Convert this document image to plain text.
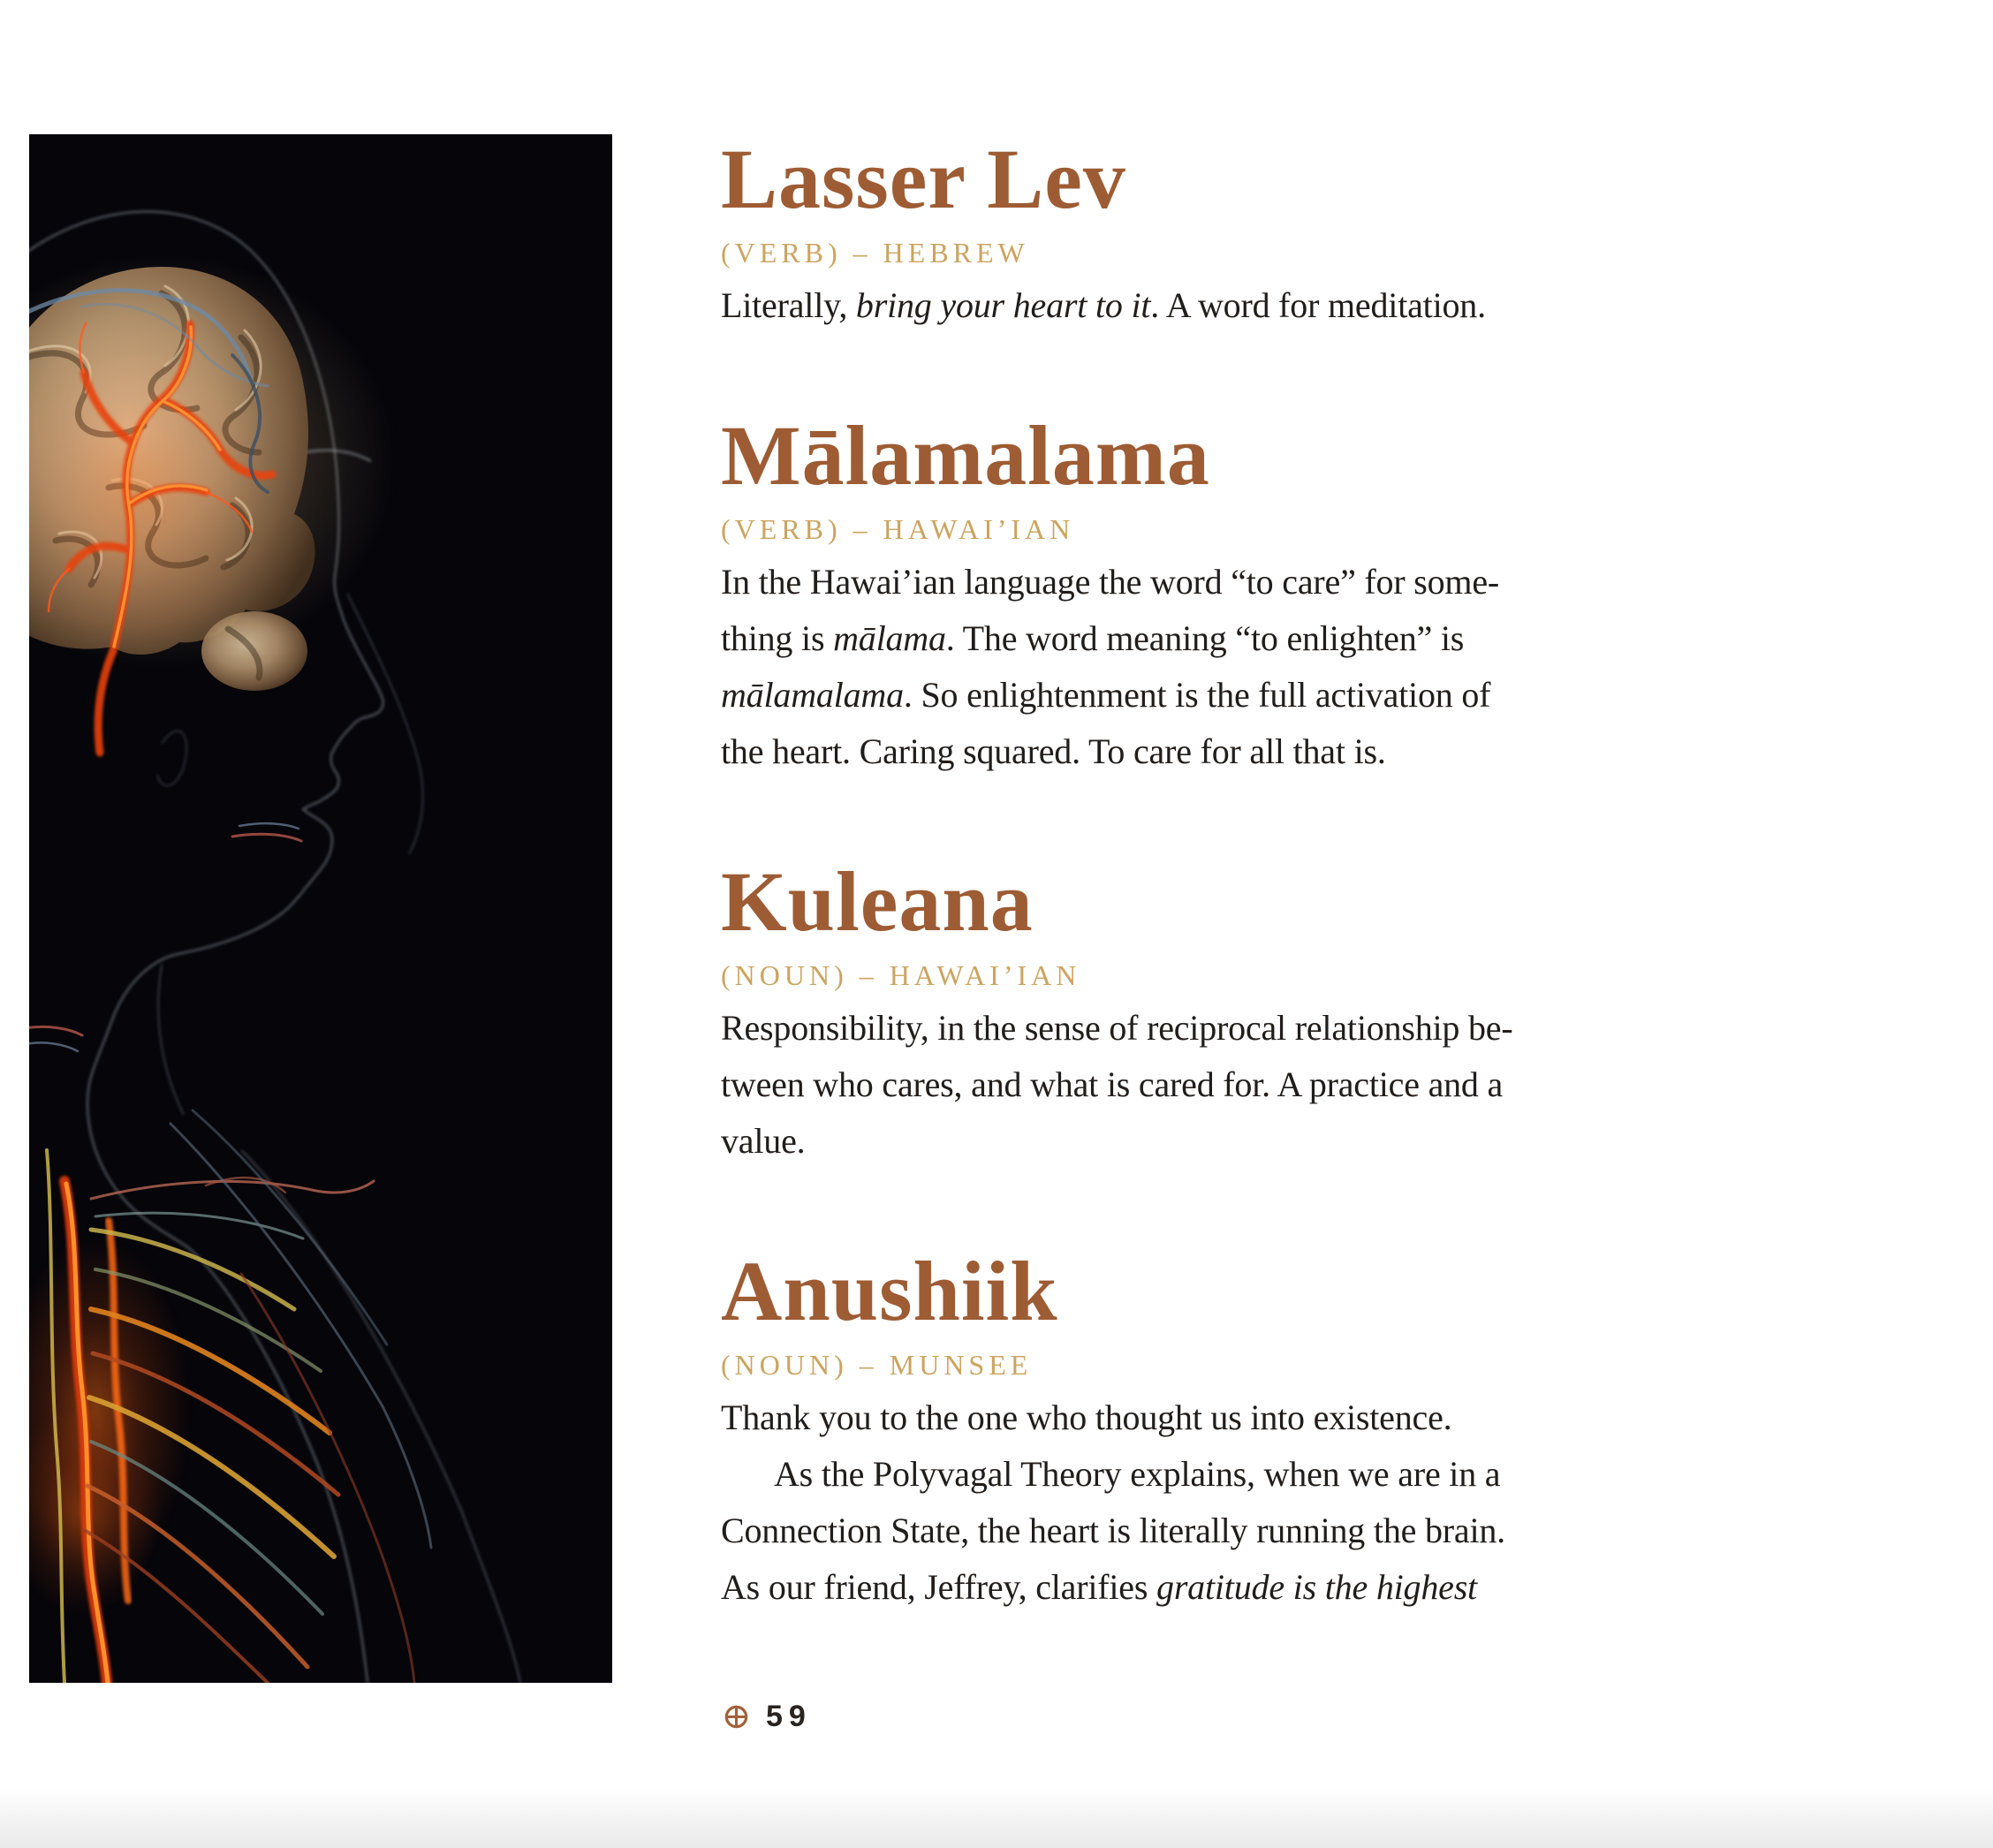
Lasser Lev
(VERB) – HEBREW
Literally, bring your heart to it. A word for meditation.
Mālamalama
(VERB) – HAWAI’IAN
In the Hawai’ian language the word “to care” for some-
thing is mālama. The word meaning “to enlighten” is
mālamalama. So enlightenment is the full activation of
the heart. Caring squared. To care for all that is.
Kuleana
(NOUN) – HAWAI’IAN
Responsibility, in the sense of reciprocal relationship be-
tween who cares, and what is cared for. A practice and a
value.
Anushiik
(NOUN) – MUNSEE
Thank you to the one who thought us into existence.
As the Polyvagal Theory explains, when we are in a
Connection State, the heart is literally running the brain.
As our friend, Jeffrey, clarifies gratitude is the highest
59
